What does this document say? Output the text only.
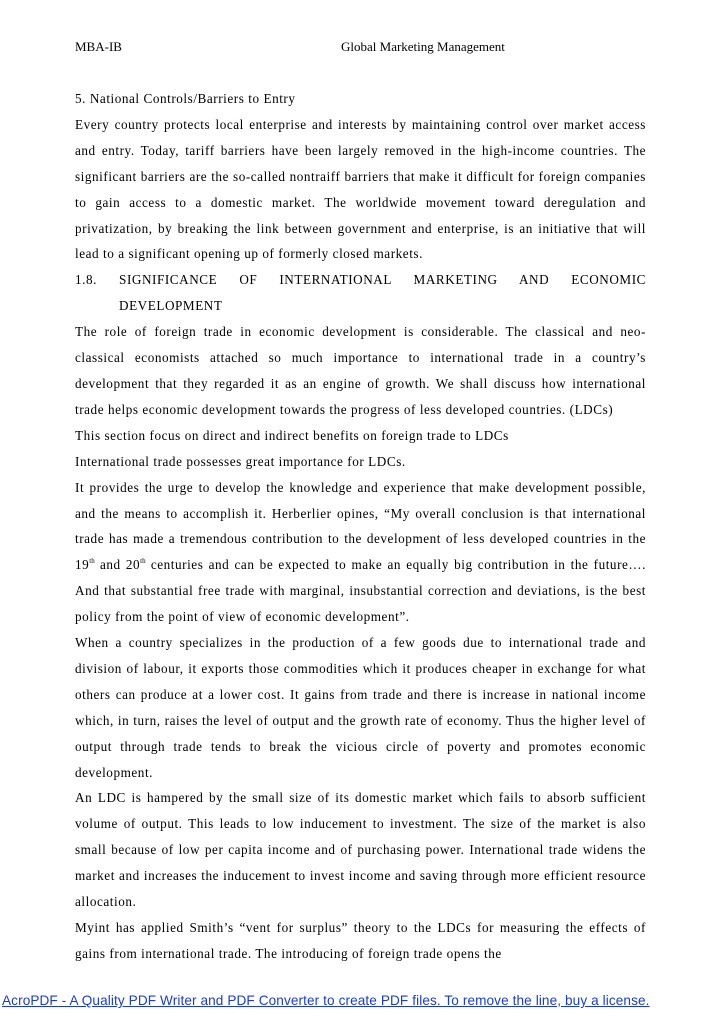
MBA-IB	Global Marketing Management

5. National Controls/Barriers to Entry

Every country protects local enterprise and interests by maintaining control over market access and entry. Today, tariff barriers have been largely removed in the high-income countries. The significant barriers are the so-called nontraiff barriers that make it difficult for foreign companies to gain access to a domestic market. The worldwide movement toward deregulation and privatization, by breaking the link between government and enterprise, is an initiative that will lead to a significant opening up of formerly closed markets.

1.8. SIGNIFICANCE OF INTERNATIONAL MARKETING AND ECONOMIC

DEVELOPMENT

The role of foreign trade in economic development is considerable. The classical and neo-classical economists attached so much importance to international trade in a country’s development that they regarded it as an engine of growth. We shall discuss how international trade helps economic development towards the progress of less developed countries. (LDCs)

This section focus on direct and indirect benefits on foreign trade to LDCs

International trade possesses great importance for LDCs.

It provides the urge to develop the knowledge and experience that make development possible, and the means to accomplish it. Herberlier opines, “My overall conclusion is that international trade has made a tremendous contribution to the development of less developed countries in the 19th and 20th centuries and can be expected to make an equally big contribution in the future…. And that substantial free trade with marginal, insubstantial correction and deviations, is the best policy from the point of view of economic development”.

When a country specializes in the production of a few goods due to international trade and division of labour, it exports those commodities which it produces cheaper in exchange for what others can produce at a lower cost. It gains from trade and there is increase in national income which, in turn, raises the level of output and the growth rate of economy. Thus the higher level of output through trade tends to break the vicious circle of poverty and promotes economic development.

An LDC is hampered by the small size of its domestic market which fails to absorb sufficient volume of output. This leads to low inducement to investment. The size of the market is also small because of low per capita income and of purchasing power. International trade widens the market and increases the inducement to invest income and saving through more efficient resource allocation.

Myint has applied Smith’s “vent for surplus” theory to the LDCs for measuring the effects of gains from international trade. The introducing of foreign trade opens the

AcroPDF - A Quality PDF Writer and PDF Converter to create PDF files. To remove the line, buy a license.
